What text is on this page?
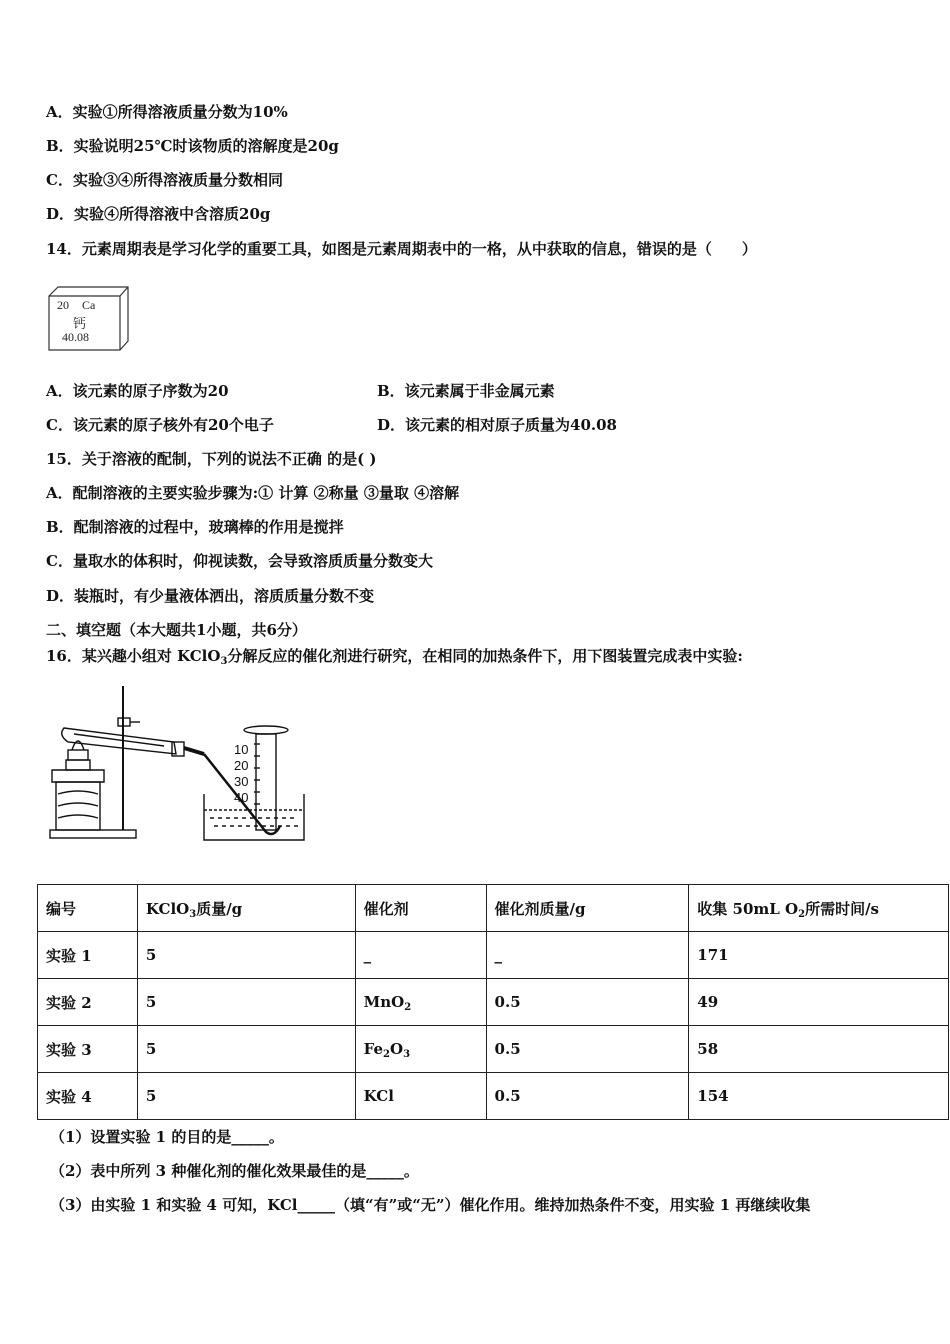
A．实验①所得溶液质量分数为10%
B．实验说明25℃时该物质的溶解度是20g
C．实验③④所得溶液质量分数相同
D．实验④所得溶液中含溶质20g
14．元素周期表是学习化学的重要工具，如图是元素周期表中的一格，从中获取的信息，错误的是（　　）
20 Ca
钙
40.08
A．该元素的原子序数为20	B．该元素属于非金属元素
C．该元素的原子核外有20个电子	D．该元素的相对原子质量为40.08
15．关于溶液的配制，下列的说法不正确 的是( )
A．配制溶液的主要实验步骤为:① 计算 ②称量 ③量取 ④溶解
B．配制溶液的过程中，玻璃棒的作用是搅拌
C．量取水的体积时，仰视读数，会导致溶质质量分数变大
D．装瓶时，有少量液体洒出，溶质质量分数不变
二、填空题（本大题共1小题，共6分）
16．某兴趣小组对 KClO$_3$分解反应的催化剂进行研究，在相同的加热条件下，用下图装置完成表中实验:
10
20
30
40
编号	KClO$_3$质量/g	催化剂	催化剂质量/g	收集 50mL $O_2$所需时间/s
实验 1	5	_	_	171
实验 2	5	MnO$_2$	0.5	49
实验 3	5	$Fe_2O_3$	0.5	58
实验 4	5	KCl	0.5	154
（1）设置实验 1 的目的是_____。
（2）表中所列 3 种催化剂的催化效果最佳的是_____。
（3）由实验 1 和实验 4 可知，KCl_____（填“有”或“无”）催化作用。维持加热条件不变，用实验 1 再继续收集
